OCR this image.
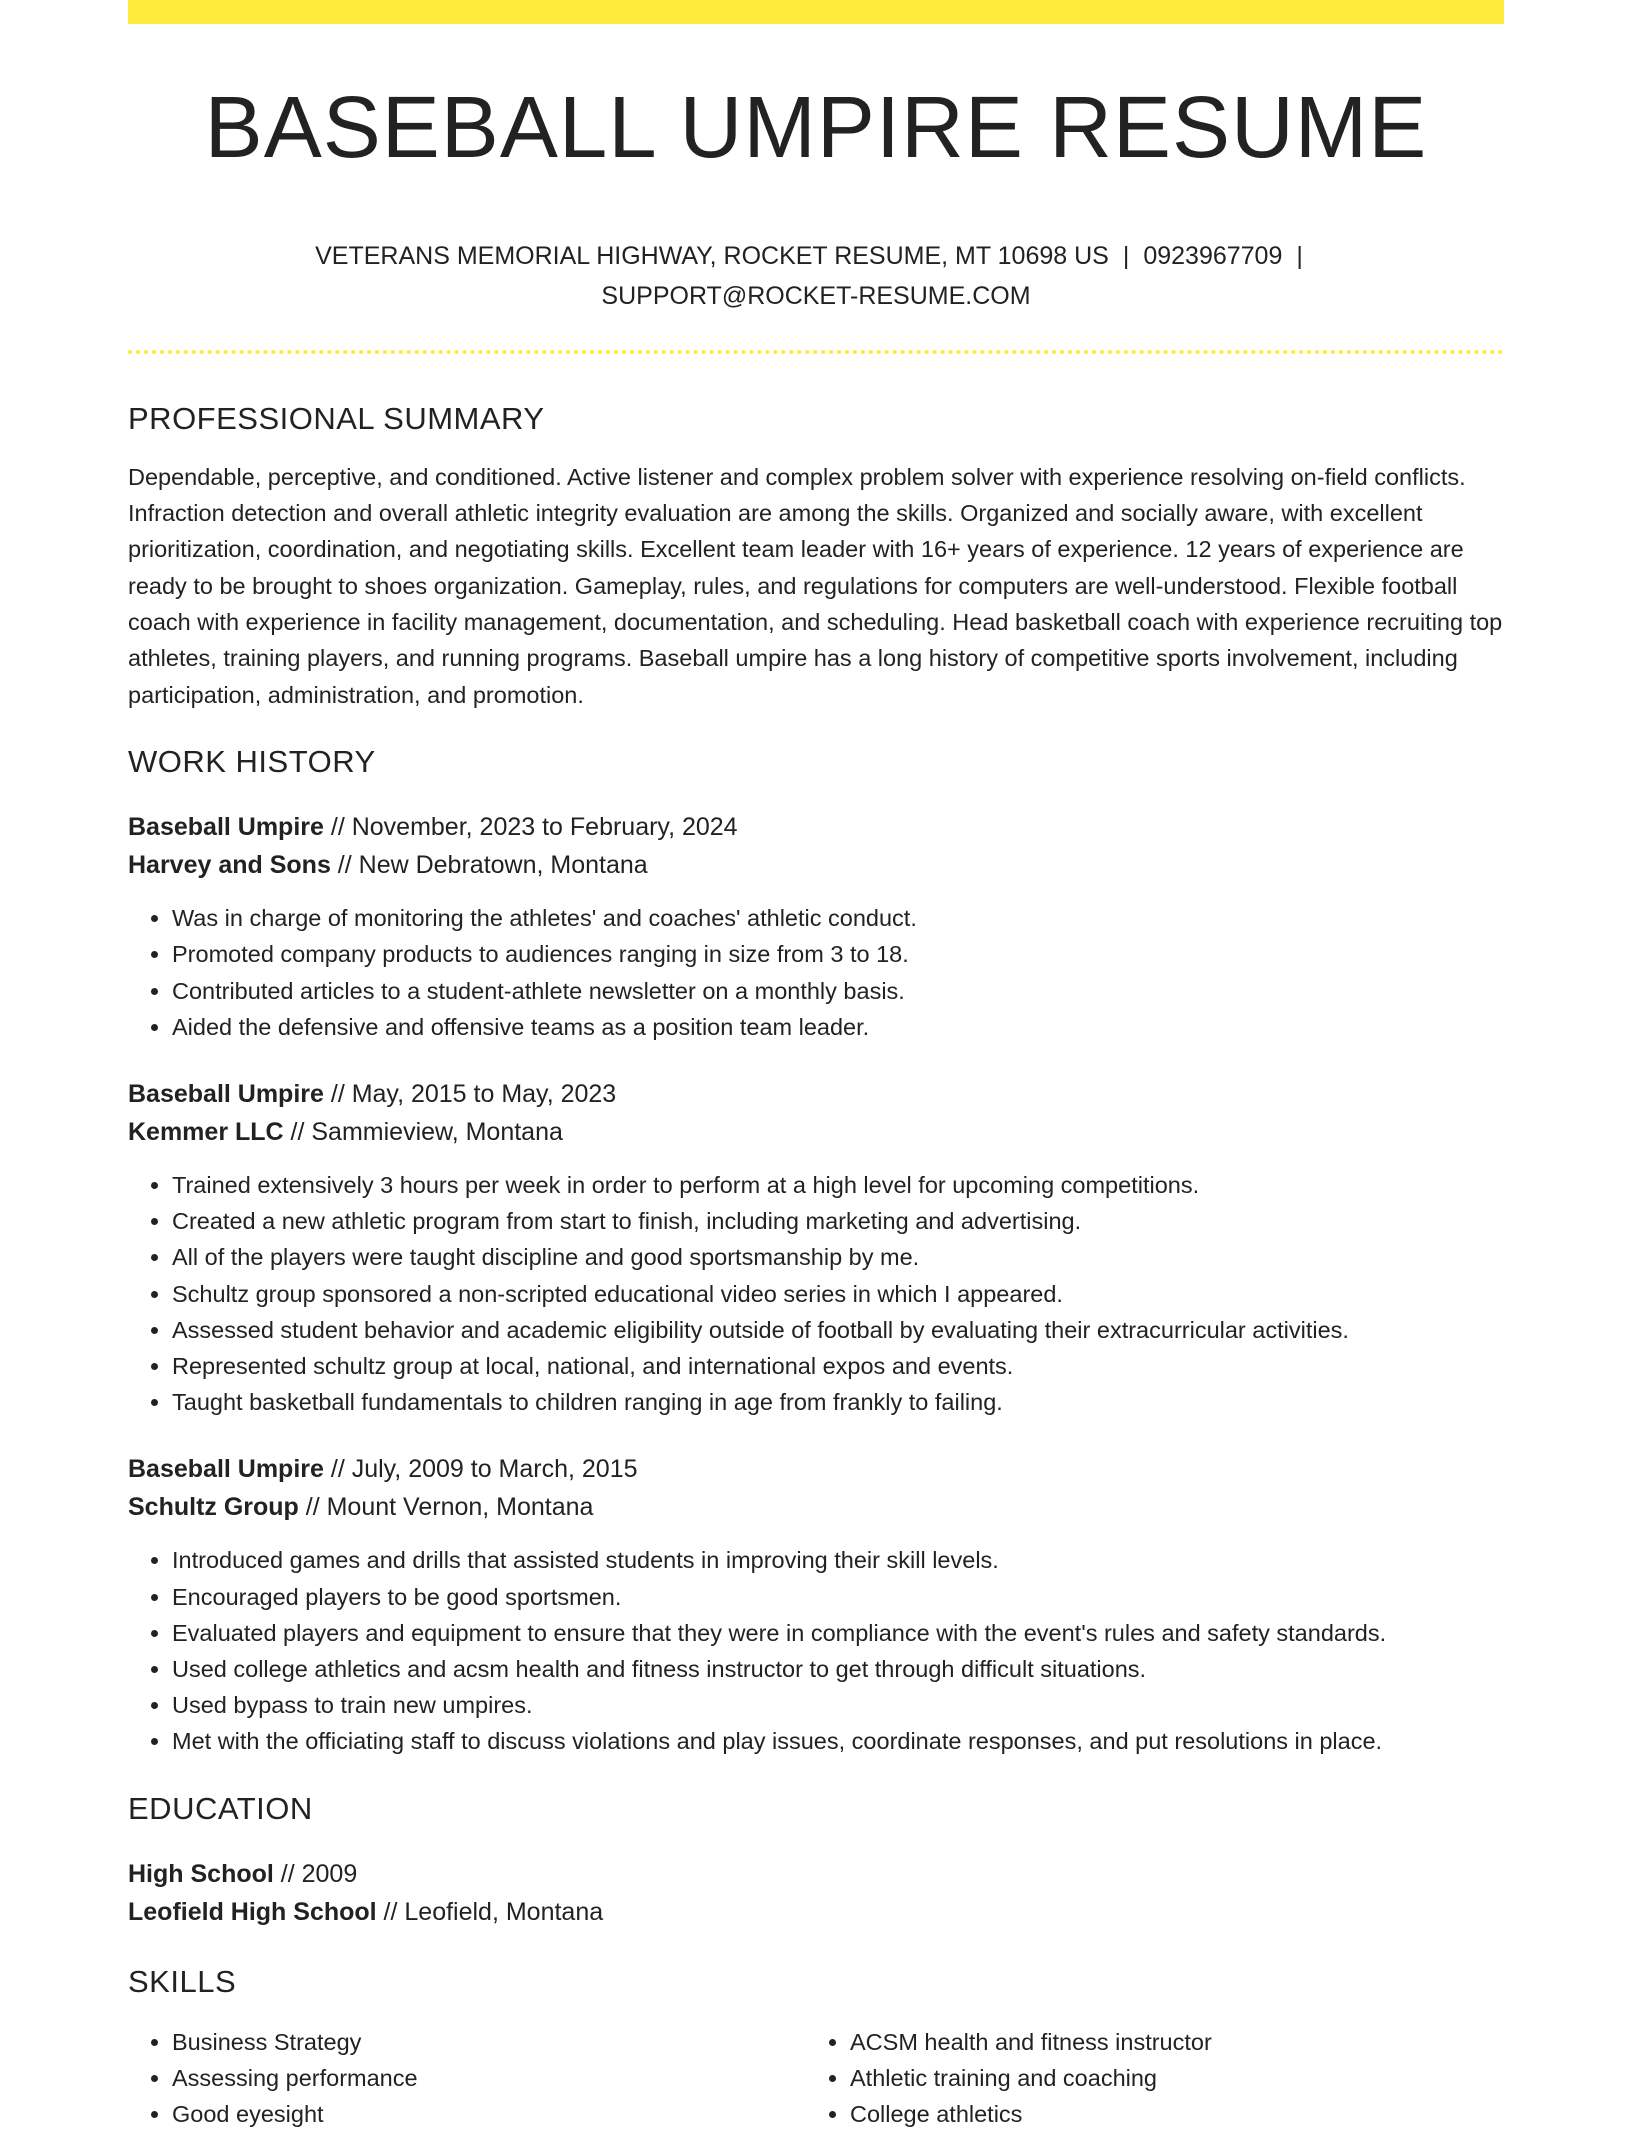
BASEBALL UMPIRE RESUME
VETERANS MEMORIAL HIGHWAY, ROCKET RESUME, MT 10698 US | 0923967709 |
SUPPORT@ROCKET-RESUME.COM
PROFESSIONAL SUMMARY

Dependable, perceptive, and conditioned. Active listener and complex problem solver with experience resolving on-field conflicts. Infraction detection and overall athletic integrity evaluation are among the skills. Organized and socially aware, with excellent prioritization, coordination, and negotiating skills. Excellent team leader with 16+ years of experience. 12 years of experience are ready to be brought to shoes organization. Gameplay, rules, and regulations for computers are well-understood. Flexible football coach with experience in facility management, documentation, and scheduling. Head basketball coach with experience recruiting top athletes, training players, and running programs. Baseball umpire has a long history of competitive sports involvement, including participation, administration, and promotion.

WORK HISTORY
Baseball Umpire // November, 2023 to February, 2024
Harvey and Sons // New Debratown, Montana
• Was in charge of monitoring the athletes' and coaches' athletic conduct.
• Promoted company products to audiences ranging in size from 3 to 18.
• Contributed articles to a student-athlete newsletter on a monthly basis.
• Aided the defensive and offensive teams as a position team leader.
Baseball Umpire // May, 2015 to May, 2023
Kemmer LLC // Sammieview, Montana
• Trained extensively 3 hours per week in order to perform at a high level for upcoming competitions.
• Created a new athletic program from start to finish, including marketing and advertising.
• All of the players were taught discipline and good sportsmanship by me.
• Schultz group sponsored a non-scripted educational video series in which I appeared.
• Assessed student behavior and academic eligibility outside of football by evaluating their extracurricular activities.
• Represented schultz group at local, national, and international expos and events.
• Taught basketball fundamentals to children ranging in age from frankly to failing.
Baseball Umpire // July, 2009 to March, 2015
Schultz Group // Mount Vernon, Montana
• Introduced games and drills that assisted students in improving their skill levels.
• Encouraged players to be good sportsmen.
• Evaluated players and equipment to ensure that they were in compliance with the event's rules and safety standards.
• Used college athletics and acsm health and fitness instructor to get through difficult situations.
• Used bypass to train new umpires.
• Met with the officiating staff to discuss violations and play issues, coordinate responses, and put resolutions in place.
EDUCATION
High School // 2009
Leofield High School // Leofield, Montana
SKILLS
• Business Strategy
• Assessing performance
• Good eyesight
• ACSM health and fitness instructor
• Athletic training and coaching
• College athletics
